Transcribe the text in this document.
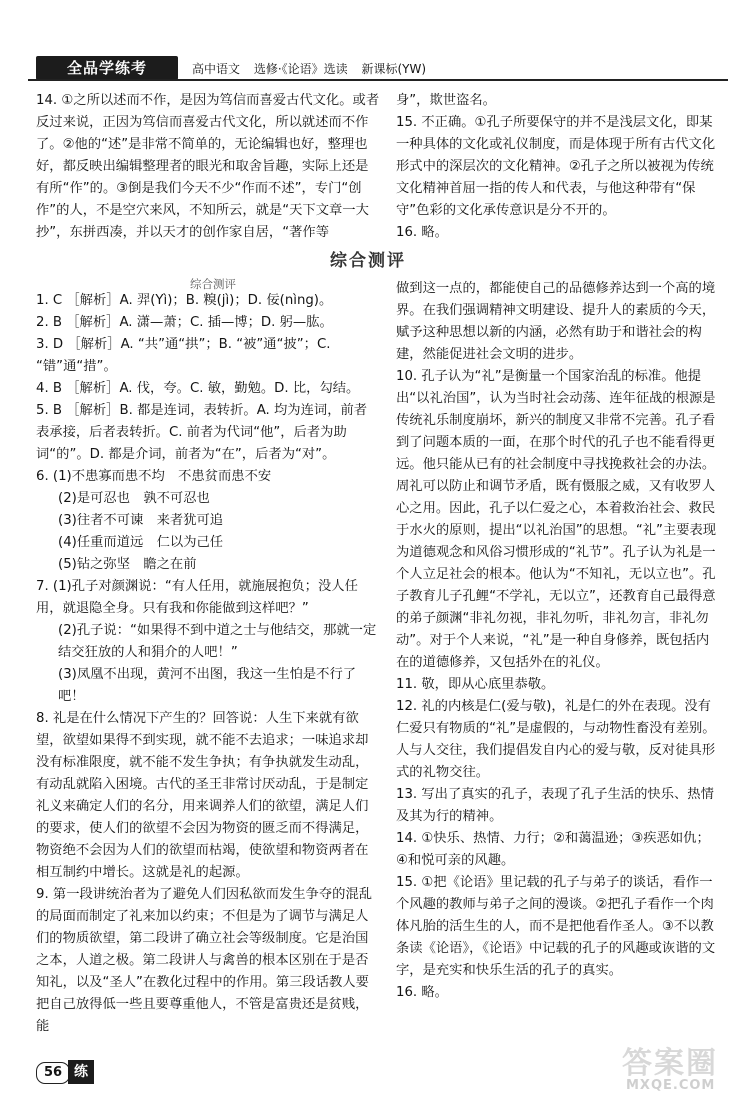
全品学练考	高中语文 选修·《论语》选读 新课标(YW)

14. ①之所以述而不作，是因为笃信而喜爱古代文化。或者反过来说，正因为笃信而喜爱古代文化，所以就述而不作了。②他的“述”是非常不简单的，无论编辑也好，整理也好，都反映出编辑整理者的眼光和取舍旨趣，实际上还是有所“作”的。③倒是我们今天不少“作而不述”，专门“创作”的人，不是空穴来风，不知所云，就是“天下文章一大抄”，东拼西凑，并以天才的创作家自居，“著作等

身”，欺世盗名。

15. 不正确。①孔子所要保守的并不是浅层文化，即某一种具体的文化或礼仪制度，而是体现于所有古代文化形式中的深层次的文化精神。②孔子之所以被视为传统文化精神首屈一指的传人和代表，与他这种带有“保守”色彩的文化承传意识是分不开的。

16. 略。

综合测评
综合测评

1. C ［解析］A. 羿(Yì)；B. 糗(jì)；D. 佞(nìng)。

2. B ［解析］A. 潇—萧；C. 插—博；D. 躬—肱。

3. D ［解析］A. “共”通“拱”；B. “被”通“披”；C. “错”通“措”。

4. B ［解析］A. 伐，夸。C. 敏，勤勉。D. 比，勾结。

5. B ［解析］B. 都是连词，表转折。A. 均为连词，前者表承接，后者表转折。C. 前者为代词“他”，后者为助词“的”。D. 都是介词，前者为“在”，后者为“对”。

6. (1)不患寡而患不均　不患贫而患不安

(2)是可忍也　孰不可忍也

(3)往者不可谏　来者犹可追

(4)任重而道远　仁以为己任

(5)钻之弥坚　瞻之在前

7. (1)孔子对颜渊说：“有人任用，就施展抱负；没人任用，就退隐全身。只有我和你能做到这样吧？”

(2)孔子说：“如果得不到中道之士与他结交，那就一定结交狂放的人和狷介的人吧！”

(3)凤凰不出现，黄河不出图，我这一生怕是不行了吧！

8. 礼是在什么情况下产生的？回答说：人生下来就有欲望，欲望如果得不到实现，就不能不去追求；一味追求却没有标准限度，就不能不发生争执；有争执就发生动乱，有动乱就陷入困境。古代的圣王非常讨厌动乱，于是制定礼义来确定人们的名分，用来调养人们的欲望，满足人们的要求，使人们的欲望不会因为物资的匮乏而不得满足，物资绝不会因为人们的欲望而枯竭，使欲望和物资两者在相互制约中增长。这就是礼的起源。

9. 第一段讲统治者为了避免人们因私欲而发生争夺的混乱的局面而制定了礼来加以约束；不但是为了调节与满足人们的物质欲望，第二段讲了确立社会等级制度。它是治国之本，人道之极。第二段讲人与禽兽的根本区别在于是否知礼，以及“圣人”在教化过程中的作用。第三段话教人要把自己放得低一些且要尊重他人，不管是富贵还是贫贱，能

做到这一点的，都能使自己的品德修养达到一个高的境界。在我们强调精神文明建设、提升人的素质的今天，赋予这种思想以新的内涵，必然有助于和谐社会的构建，然能促进社会文明的进步。

10. 孔子认为“礼”是衡量一个国家治乱的标准。他提出“以礼治国”，认为当时社会动荡、连年征战的根源是传统礼乐制度崩坏，新兴的制度又非常不完善。孔子看到了问题本质的一面，在那个时代的孔子也不能看得更远。他只能从已有的社会制度中寻找挽救社会的办法。周礼可以防止和调节矛盾，既有慑服之威，又有收罗人心之用。因此，孔子以仁爱之心，本着救治社会、救民于水火的原则，提出“以礼治国”的思想。“礼”主要表现为道德观念和风俗习惯形成的“礼节”。孔子认为礼是一个人立足社会的根本。他认为“不知礼，无以立也”。孔子教育儿子孔鲤“不学礼，无以立”，还教育自己最得意的弟子颜渊“非礼勿视，非礼勿听，非礼勿言，非礼勿动”。对于个人来说，“礼”是一种自身修养，既包括内在的道德修养，又包括外在的礼仪。

11. 敬，即从心底里恭敬。

12. 礼的内核是仁(爱与敬)，礼是仁的外在表现。没有仁爱只有物质的“礼”是虚假的，与动物性畜没有差别。人与人交往，我们提倡发自内心的爱与敬，反对徒具形式的礼物交往。

13. 写出了真实的孔子，表现了孔子生活的快乐、热情及其为行的精神。

14. ①快乐、热情、力行；②和蔼温逊；③疾恶如仇；④和悦可亲的风趣。

15. ①把《论语》里记载的孔子与弟子的谈话，看作一个风趣的教师与弟子之间的漫谈。②把孔子看作一个肉体凡胎的活生生的人，而不是把他看作圣人。③不以教条读《论语》，《论语》中记载的孔子的风趣或诙谐的文字，是充实和快乐生活的孔子的真实。

16. 略。

56 练	答案圈
MXQE.COM
